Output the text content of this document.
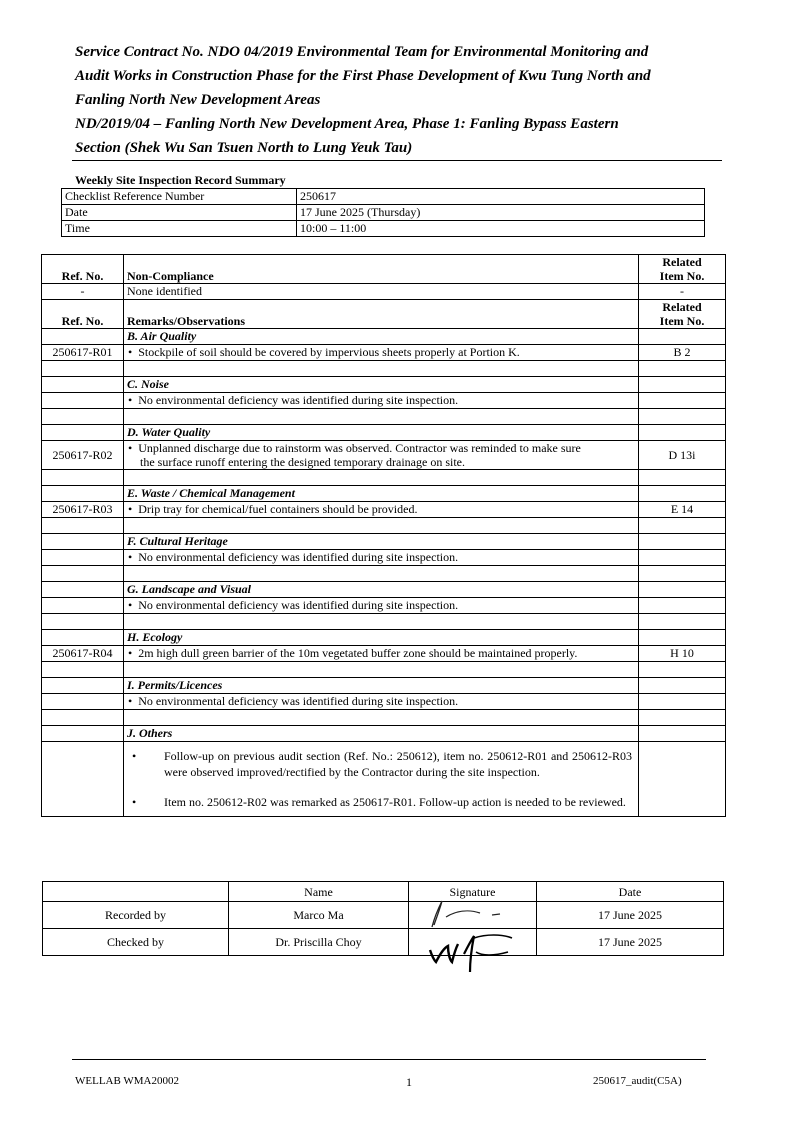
Service Contract No. NDO 04/2019 Environmental Team for Environmental Monitoring and
Audit Works in Construction Phase for the First Phase Development of Kwu Tung North and
Fanling North New Development Areas
ND/2019/04 – Fanling North New Development Area, Phase 1: Fanling Bypass Eastern
Section (Shek Wu San Tsuen North to Lung Yeuk Tau)
Weekly Site Inspection Record Summary
Checklist Reference Number	250617
Date	17 June 2025 (Thursday)
Time	10:00 – 11:00
Ref. No.	Non-Compliance	Related
Item No.
-	None identified	-
Ref. No.	Remarks/Observations	Related
Item No.
	B. Air Quality	
250617-R01	• Stockpile of soil should be covered by impervious sheets properly at Portion K.	B 2

	C. Noise	
	• No environmental deficiency was identified during site inspection.	

	D. Water Quality	
250617-R02	• Unplanned discharge due to rainstorm was observed. Contractor was reminded to make sure
the surface runoff entering the designed temporary drainage on site.	D 13i

	E. Waste / Chemical Management	
250617-R03	• Drip tray for chemical/fuel containers should be provided.	E 14

	F. Cultural Heritage	
	• No environmental deficiency was identified during site inspection.	

	G. Landscape and Visual	
	• No environmental deficiency was identified during site inspection.	

	H. Ecology	
250617-R04	• 2m high dull green barrier of the 10m vegetated buffer zone should be maintained properly.	H 10

	I. Permits/Licences	
	• No environmental deficiency was identified during site inspection.	

	J. Others	

	• Follow-up on previous audit section (Ref. No.: 250612), item no. 250612-R01 and 250612-R03 were observed improved/rectified by the Contractor during the site inspection.
• Item no. 250612-R02 was remarked as 250617-R01. Follow-up action is needed to be reviewed.	

	Name	Signature	Date
Recorded by	Marco Ma		17 June 2025
Checked by	Dr. Priscilla Choy		17 June 2025
WELLAB WMA20002	1	250617_audit(C5A)
